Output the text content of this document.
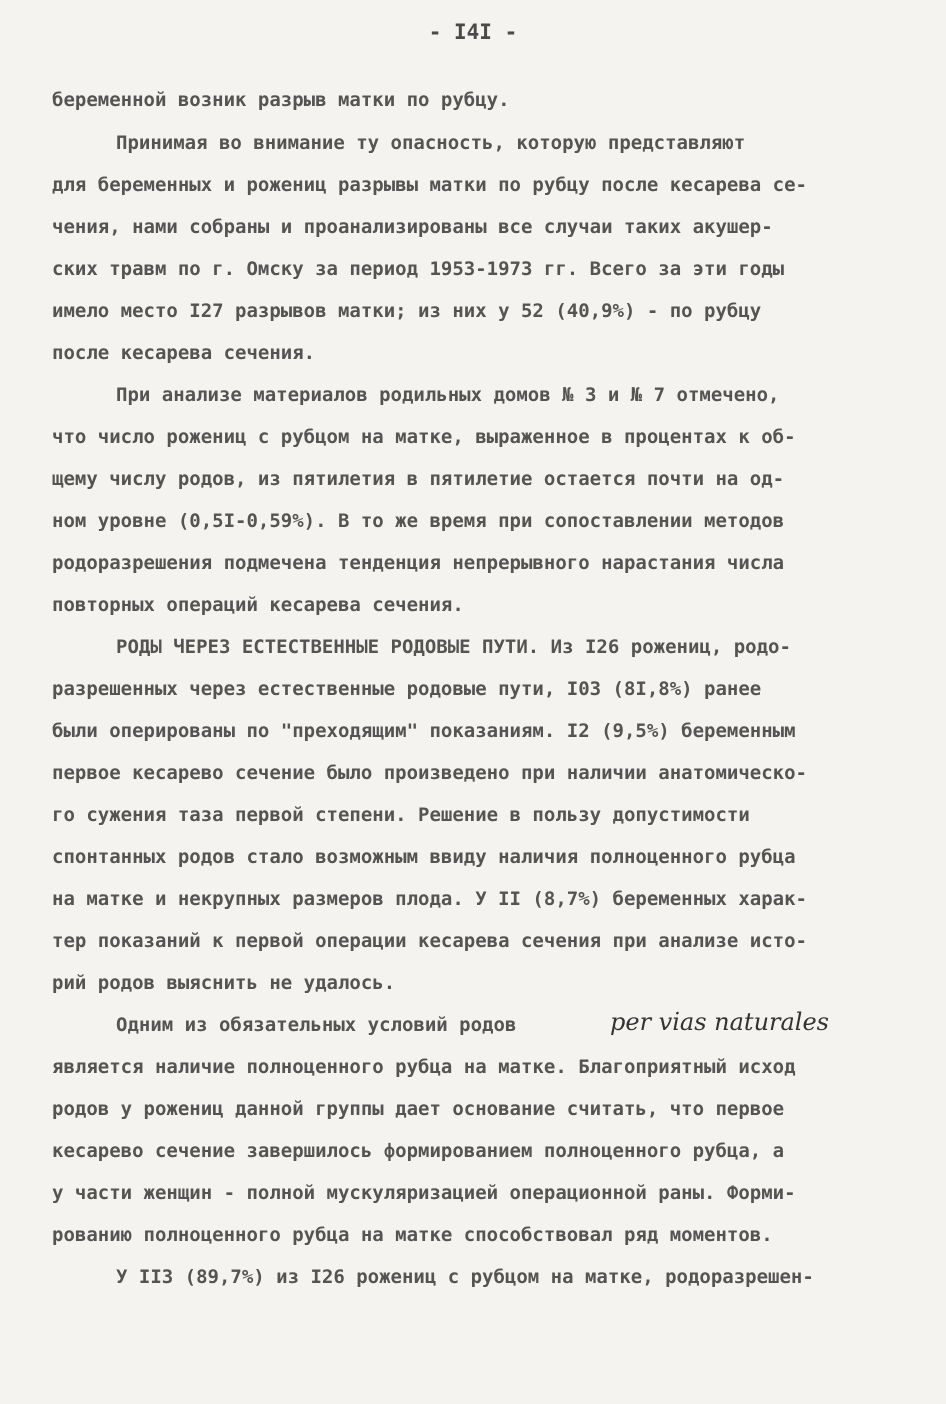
- I4I -
беременной возник разрыв матки по рубцу.
Принимая во внимание ту опасность, которую представляют
для беременных и рожениц разрывы матки по рубцу после кесарева се-
чения, нами собраны и проанализированы все случаи таких акушер-
ских травм по г. Омску за период 1953-1973 гг. Всего за эти годы
имело место I27 разрывов матки; из них у 52 (40,9%) - по рубцу
после кесарева сечения.
При анализе материалов родильных домов № 3 и № 7 отмечено,
что число рожениц с рубцом на матке, выраженное в процентах к об-
щему числу родов, из пятилетия в пятилетие остается почти на од-
ном уровне (0,5I-0,59%). В то же время при сопоставлении методов
родоразрешения подмечена тенденция непрерывного нарастания числа
повторных операций кесарева сечения.
РОДЫ ЧЕРЕЗ ЕСТЕСТВЕННЫЕ РОДОВЫЕ ПУТИ. Из I26 рожениц, родо-
разрешенных через естественные родовые пути, I03 (8I,8%) ранее
были оперированы по "преходящим" показаниям. I2 (9,5%) беременным
первое кесарево сечение было произведено при наличии анатомическо-
го сужения таза первой степени. Решение в пользу допустимости
спонтанных родов стало возможным ввиду наличия полноценного рубца
на матке и некрупных размеров плода. У II (8,7%) беременных харак-
тер показаний к первой операции кесарева сечения при анализе исто-
рий родов выяснить не удалось.
Одним из обязательных условий родов	per vias naturales
является наличие полноценного рубца на матке. Благоприятный исход
родов у рожениц данной группы дает основание считать, что первое
кесарево сечение завершилось формированием полноценного рубца, а
у части женщин - полной мускуляризацией операционной раны. Форми-
рованию полноценного рубца на матке способствовал ряд моментов.
У II3 (89,7%) из I26 рожениц с рубцом на матке, родоразрешен-
